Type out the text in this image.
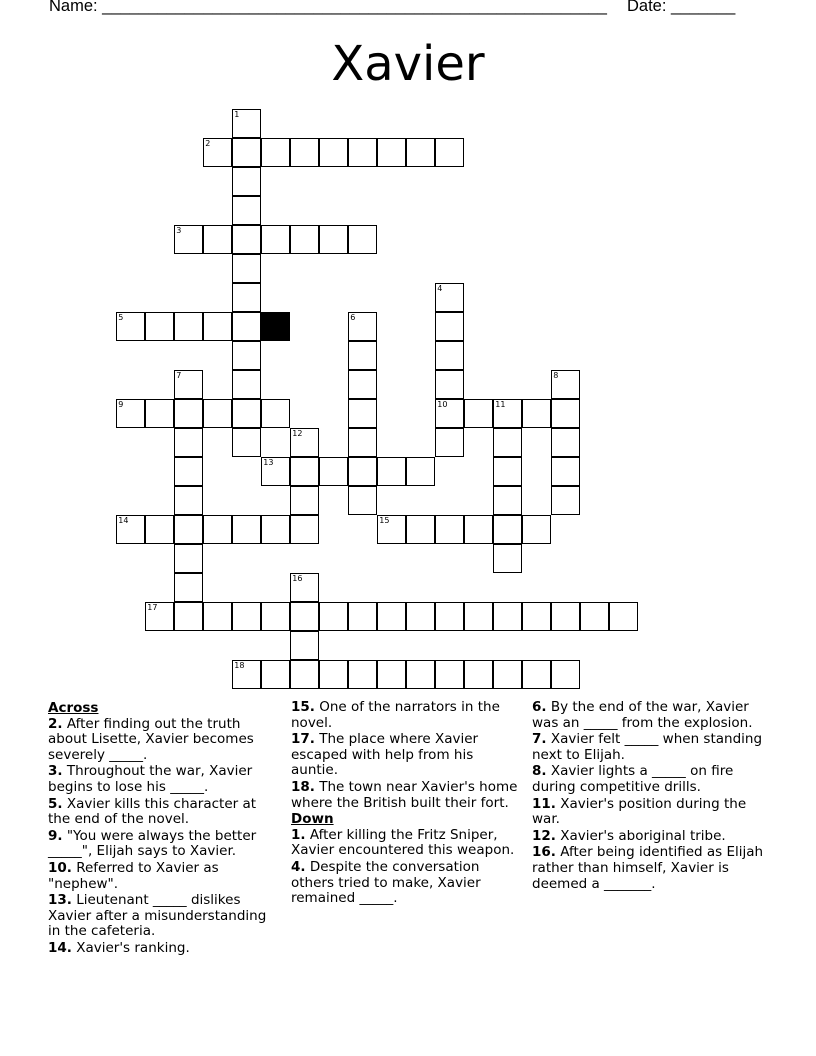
Name: _______________________________________________________ Date: _______
Xavier
1
2
3
4
10
5	6
7	8
9	11
12
13
14	15
16
17
18
Across
2. After finding out the truth about Lisette, Xavier becomes severely _____.
3. Throughout the war, Xavier begins to lose his _____.
5. Xavier kills this character at the end of the novel.
9. "You were always the better _____", Elijah says to Xavier.
10. Referred to Xavier as "nephew".
13. Lieutenant _____ dislikes Xavier after a misunderstanding in the cafeteria.
14. Xavier's ranking.
15. One of the narrators in the novel.
17. The place where Xavier escaped with help from his auntie.
18. The town near Xavier's home where the British built their fort.
Down
1. After killing the Fritz Sniper, Xavier encountered this weapon.
4. Despite the conversation others tried to make, Xavier remained _____.
6. By the end of the war, Xavier was an _____ from the explosion.
7. Xavier felt _____ when standing next to Elijah.
8. Xavier lights a _____ on fire during competitive drills.
11. Xavier's position during the war.
12. Xavier's aboriginal tribe.
16. After being identified as Elijah rather than himself, Xavier is deemed a _______.
